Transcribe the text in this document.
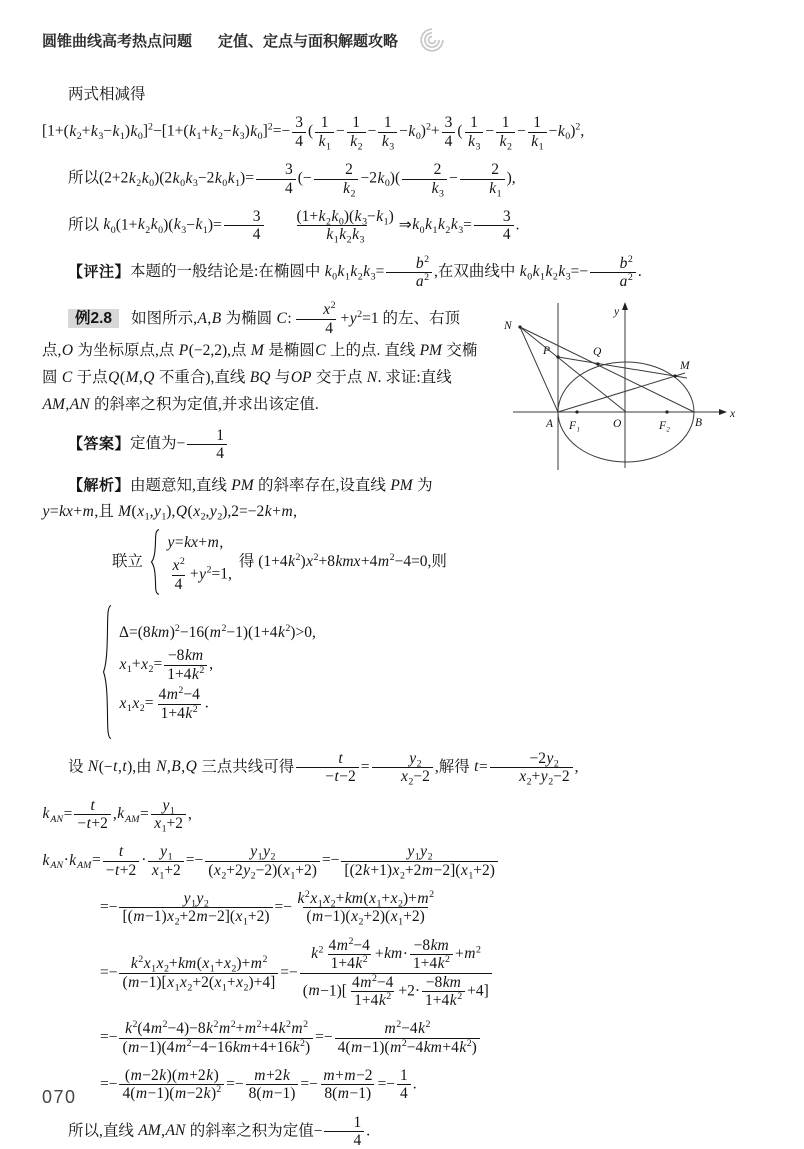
圆锥曲线高考热点问题 定值、定点与面积解题攻略
两式相减得
$[1+(k_2+k_3-k_1)k_0]^2-[1+(k_1+k_2-k_3)k_0]^2=- \frac{3}{4}$ ( $\frac{1}{k_1} - \frac{1}{k_2} - \frac{1}{k_3} -k_0)^2+ \frac{3}{4}$ ( $\frac{1}{k_3} - \frac{1}{k_2} - \frac{1}{k_1} -k_0)^2$,
所以$(2+2k_2k_0)(2k_0k_3-2k_0k_1)= \frac{3}{4}$ (− $\frac{2}{k_2} -2k_0)( \frac{2}{k_3} - \frac{2}{k_1}$ ),
所以 $k_0(1+k_2k_0)(k_3-k_1)= \frac{3}{4} \frac{(1+k_2k_0)(k_3-k_1)}{k_1k_2k_3}$ $\Rightarrow k_0k_1k_2k_3= \frac{3}{4}$ .
【评注】本题的一般结论是:在椭圆中 $k_0k_1k_2k_3= \frac{b^2}{a^2}$ ,在双曲线中 $k_0k_1k_2k_3=- \frac{b^2}{a^2}$ .
N
P	Q
M
A F₁	O	F₂ B
x
y
例2.8 如图所示,A,B 为椭圆 C: $\frac{x^2}{4} +y^2=1$ 的左、右顶点,O 为坐标原点,点 P(−2,2),点 M 是椭圆C 上的点. 直线 PM 交椭圆 C 于点Q(M,Q 不重合),直线 BQ 与OP 交于点 N. 求证:直线 AM,AN 的斜率之积为定值,并求出该定值.
【答案】定值为− $\frac{1}{4}$
【解析】由题意知,直线 PM 的斜率存在,设直线 PM 为 y=kx+m,且 $M(x_1,y_1),Q(x_2,y_2),2=-2k+m$,
联立
y=kx+m,
$\frac{x^2}{4} +y^2=1$,
得 $(1+4k^2)x^2+8kmx+4m^2-4=0$,则
$\Delta=(8km)^2-16(m^2-1)(1+4k^2)>0$,
$x_1+x_2= \frac{-8km}{1+4k^2}$ ,
$x_1x_2= \frac{4m^2-4}{1+4k^2}$ .
设 N(−t,t),由 N,B,Q 三点共线可得 $\frac{t}{-t-2} = \frac{y_2}{x_2-2}$ ,解得 $t= \frac{-2y_2}{x_2+y_2-2}$ ,
$k_{AN}= \frac{t}{-t+2} ,k_{AM}= \frac{y_1}{x_1+2}$ ,
$k_{AN}\cdot k_{AM}= \frac{t}{-t+2} \cdot \frac{y_1}{x_1+2} =- \frac{y_1y_2}{(x_2+2y_2-2)(x_1+2)} =- \frac{y_1y_2}{[(2k+1)x_2+2m-2](x_1+2)}$
=− $\frac{y_1y_2}{[(m-1)x_2+2m-2](x_1+2)} =- \frac{k^2x_1x_2+km(x_1+x_2)+m^2}{(m-1)(x_2+2)(x_1+2)}$
=− $\frac{k^2x_1x_2+km(x_1+x_2)+m^2}{(m-1)[x_1x_2+2(x_1+x_2)+4]} =- \frac{k^2 \frac{4m^2-4}{1+4k^2} +km\cdot \frac{-8km}{1+4k^2} +m^2}{(m-1)[ \frac{4m^2-4}{1+4k^2} +2\cdot \frac{-8km}{1+4k^2} +4]}$
=− $\frac{k^2(4m^2-4)-8k^2m^2+m^2+4k^2m^2}{(m-1)(4m^2-4-16km+4+16k^2)} =- \frac{m^2-4k^2}{4(m-1)(m^2-4km+4k^2)}$
=− $\frac{(m-2k)(m+2k)}{4(m-1)(m-2k)^2} =- \frac{m+2k}{8(m-1)} =- \frac{m+m-2}{8(m-1)} =- \frac{1}{4}$ .
所以,直线 AM,AN 的斜率之积为定值− $\frac{1}{4}$ .
070
